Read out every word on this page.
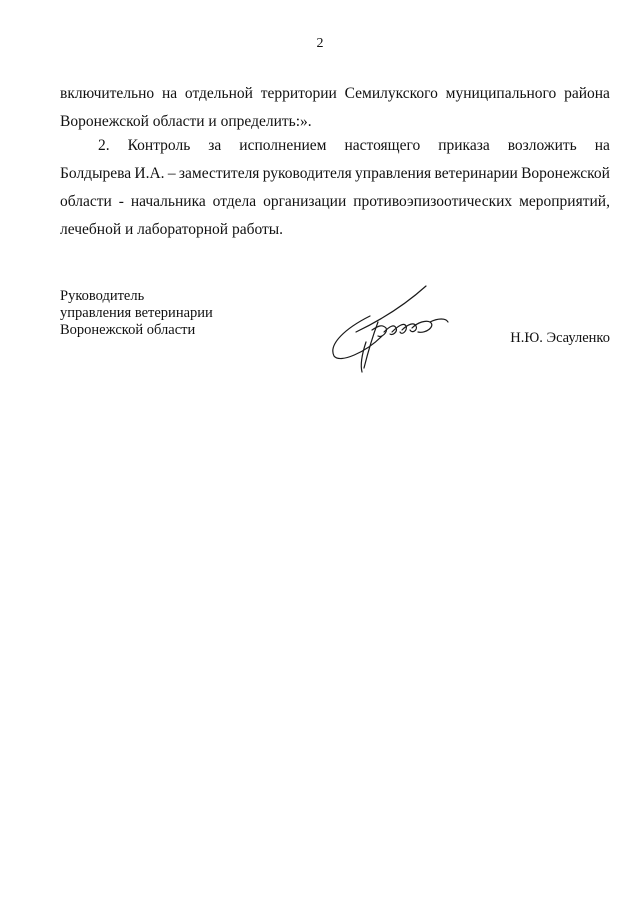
2
включительно на отдельной территории Семилукского муниципального района
Воронежской области и определить:».
2. Контроль за исполнением настоящего приказа возложить на
Болдырева И.А. – заместителя руководителя управления ветеринарии Воронежской
области - начальника отдела организации противоэпизоотических мероприятий,
лечебной и лабораторной работы.
Руководитель
управления ветеринарии
Воронежской области	Н.Ю. Эсауленко
